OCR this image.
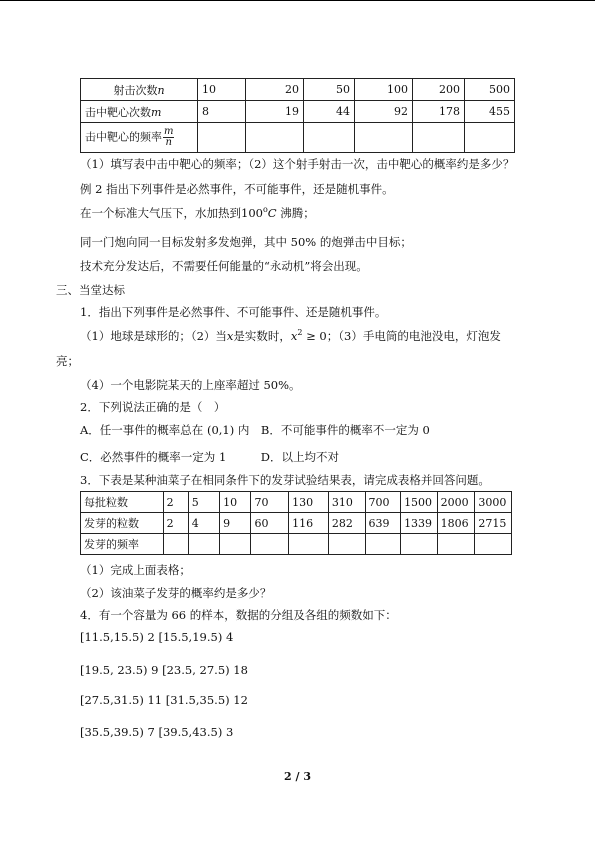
射击次数n	10	20	50	100	200	500
击中靶心次数m	8	19	44	92	178	455
击中靶心的频率 $\frac{m}{n}$

（1）填写表中击中靶心的频率；（2）这个射手射击一次，击中靶心的概率约是多少？
例 2 指出下列事件是必然事件，不可能事件，还是随机事件。
在一个标准大气压下，水加热到100$^o$C 沸腾；
同一门炮向同一目标发射多发炮弹，其中 50% 的炮弹击中目标；
技术充分发达后，不需要任何能量的“永动机”将会出现。
三、当堂达标
1．指出下列事件是必然事件、不可能事件、还是随机事件。
（1）地球是球形的；（2）当x是实数时，$x^2 \ge 0$；（3）手电筒的电池没电，灯泡发
亮；
（4）一个电影院某天的上座率超过 50%。
2．下列说法正确的是（　）
A．任一事件的概率总在 (0,1) 内　B．不可能事件的概率不一定为 0
C．必然事件的概率一定为 1　　　D．以上均不对
3．下表是某种油菜子在相同条件下的发芽试验结果表，请完成表格并回答问题。
每批粒数	2	5	10	70	130	310	700	1500	2000	3000
发芽的粒数	2	4	9	60	116	282	639	1339	1806	2715
发芽的频率										
（1）完成上面表格；
（2）该油菜子发芽的概率约是多少？
4．有一个容量为 66 的样本，数据的分组及各组的频数如下：
[11.5,15.5) 2 [15.5,19.5) 4
[19.5, 23.5) 9 [23.5, 27.5) 18
[27.5,31.5) 11 [31.5,35.5) 12
[35.5,39.5) 7 [39.5,43.5) 3
2 / 3
